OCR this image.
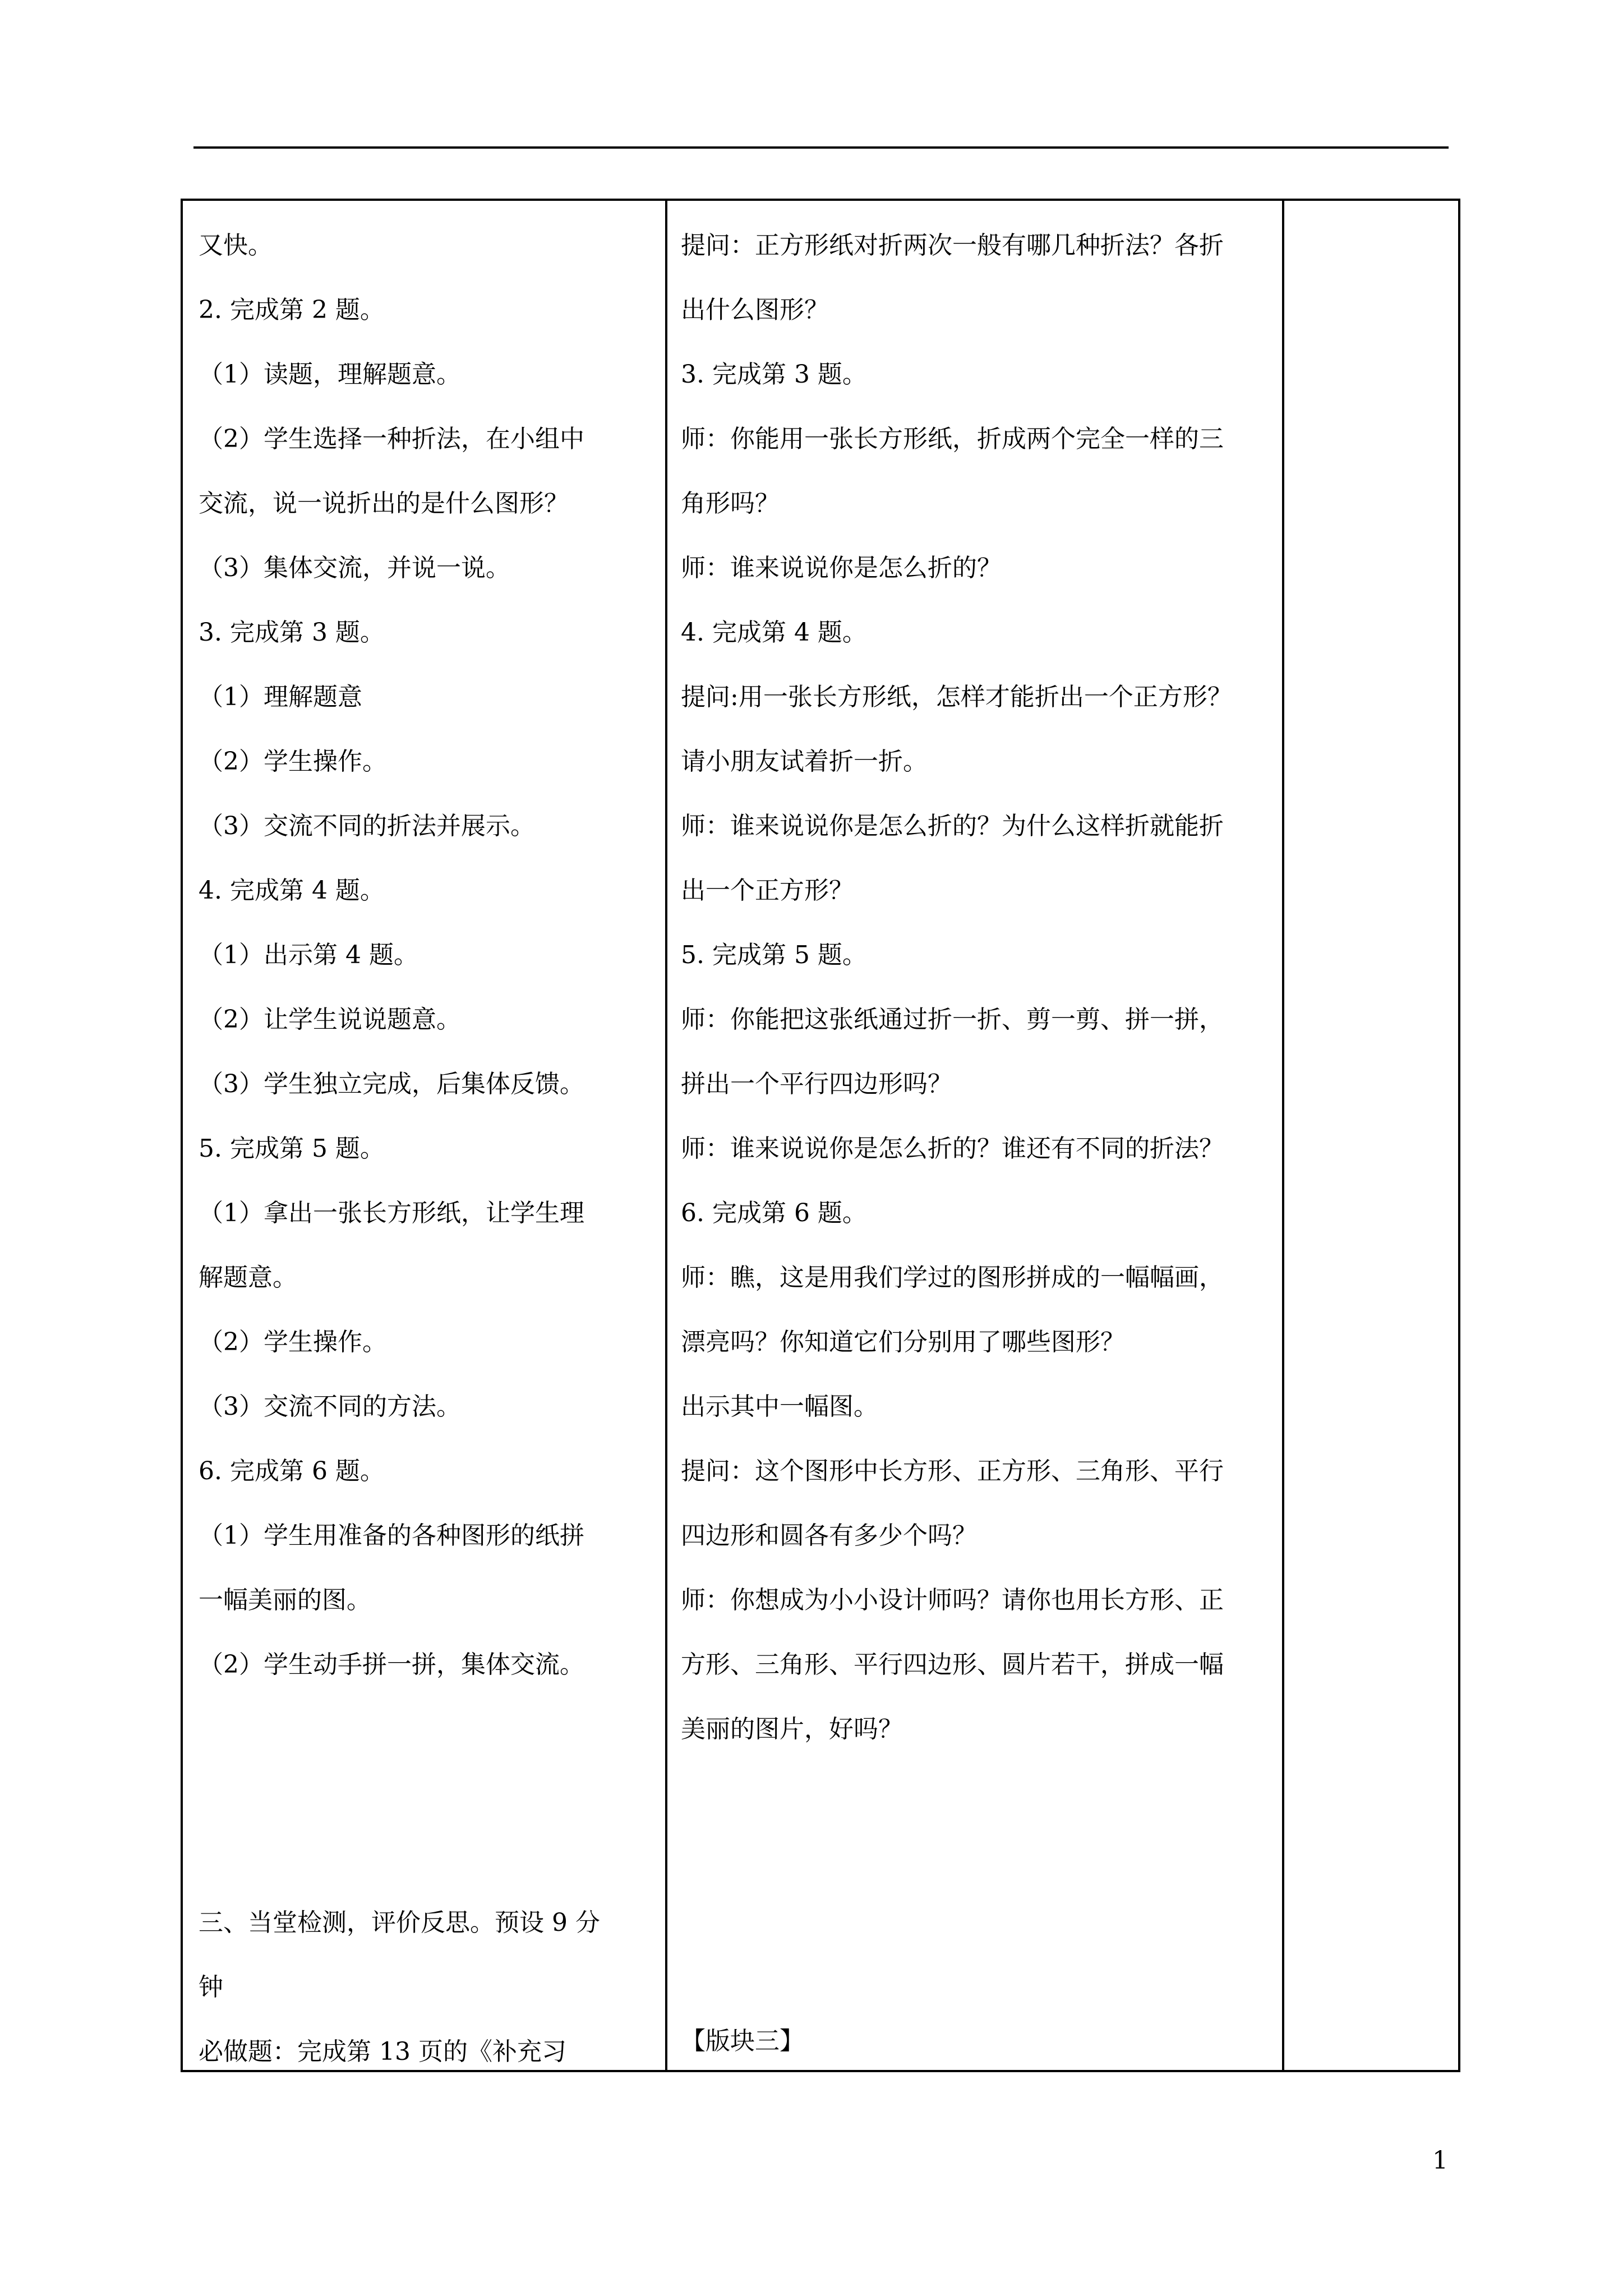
又快。
2. 完成第 2 题。
（1）读题，理解题意。
（2）学生选择一种折法，在小组中
交流，说一说折出的是什么图形？
（3）集体交流，并说一说。
3. 完成第 3 题。
（1）理解题意
（2）学生操作。
（3）交流不同的折法并展示。
4. 完成第 4 题。
（1）出示第 4 题。
（2）让学生说说题意。
（3）学生独立完成，后集体反馈。
5. 完成第 5 题。
（1）拿出一张长方形纸，让学生理
解题意。
（2）学生操作。
（3）交流不同的方法。
6. 完成第 6 题。
（1）学生用准备的各种图形的纸拼
一幅美丽的图。
（2）学生动手拼一拼，集体交流。
三、当堂检测，评价反思。预设 9 分
钟
必做题：完成第 13 页的《补充习
提问：正方形纸对折两次一般有哪几种折法？各折
出什么图形？
3. 完成第 3 题。
师：你能用一张长方形纸，折成两个完全一样的三
角形吗？
师：谁来说说你是怎么折的？
4. 完成第 4 题。
提问:用一张长方形纸，怎样才能折出一个正方形？
请小朋友试着折一折。
师：谁来说说你是怎么折的？为什么这样折就能折
出一个正方形？
5. 完成第 5 题。
师：你能把这张纸通过折一折、剪一剪、拼一拼，
拼出一个平行四边形吗？
师：谁来说说你是怎么折的？谁还有不同的折法？
6. 完成第 6 题。
师：瞧，这是用我们学过的图形拼成的一幅幅画，
漂亮吗？你知道它们分别用了哪些图形？
出示其中一幅图。
提问：这个图形中长方形、正方形、三角形、平行
四边形和圆各有多少个吗？
师：你想成为小小设计师吗？请你也用长方形、正
方形、三角形、平行四边形、圆片若干，拼成一幅
美丽的图片，好吗？
【版块三】
1
